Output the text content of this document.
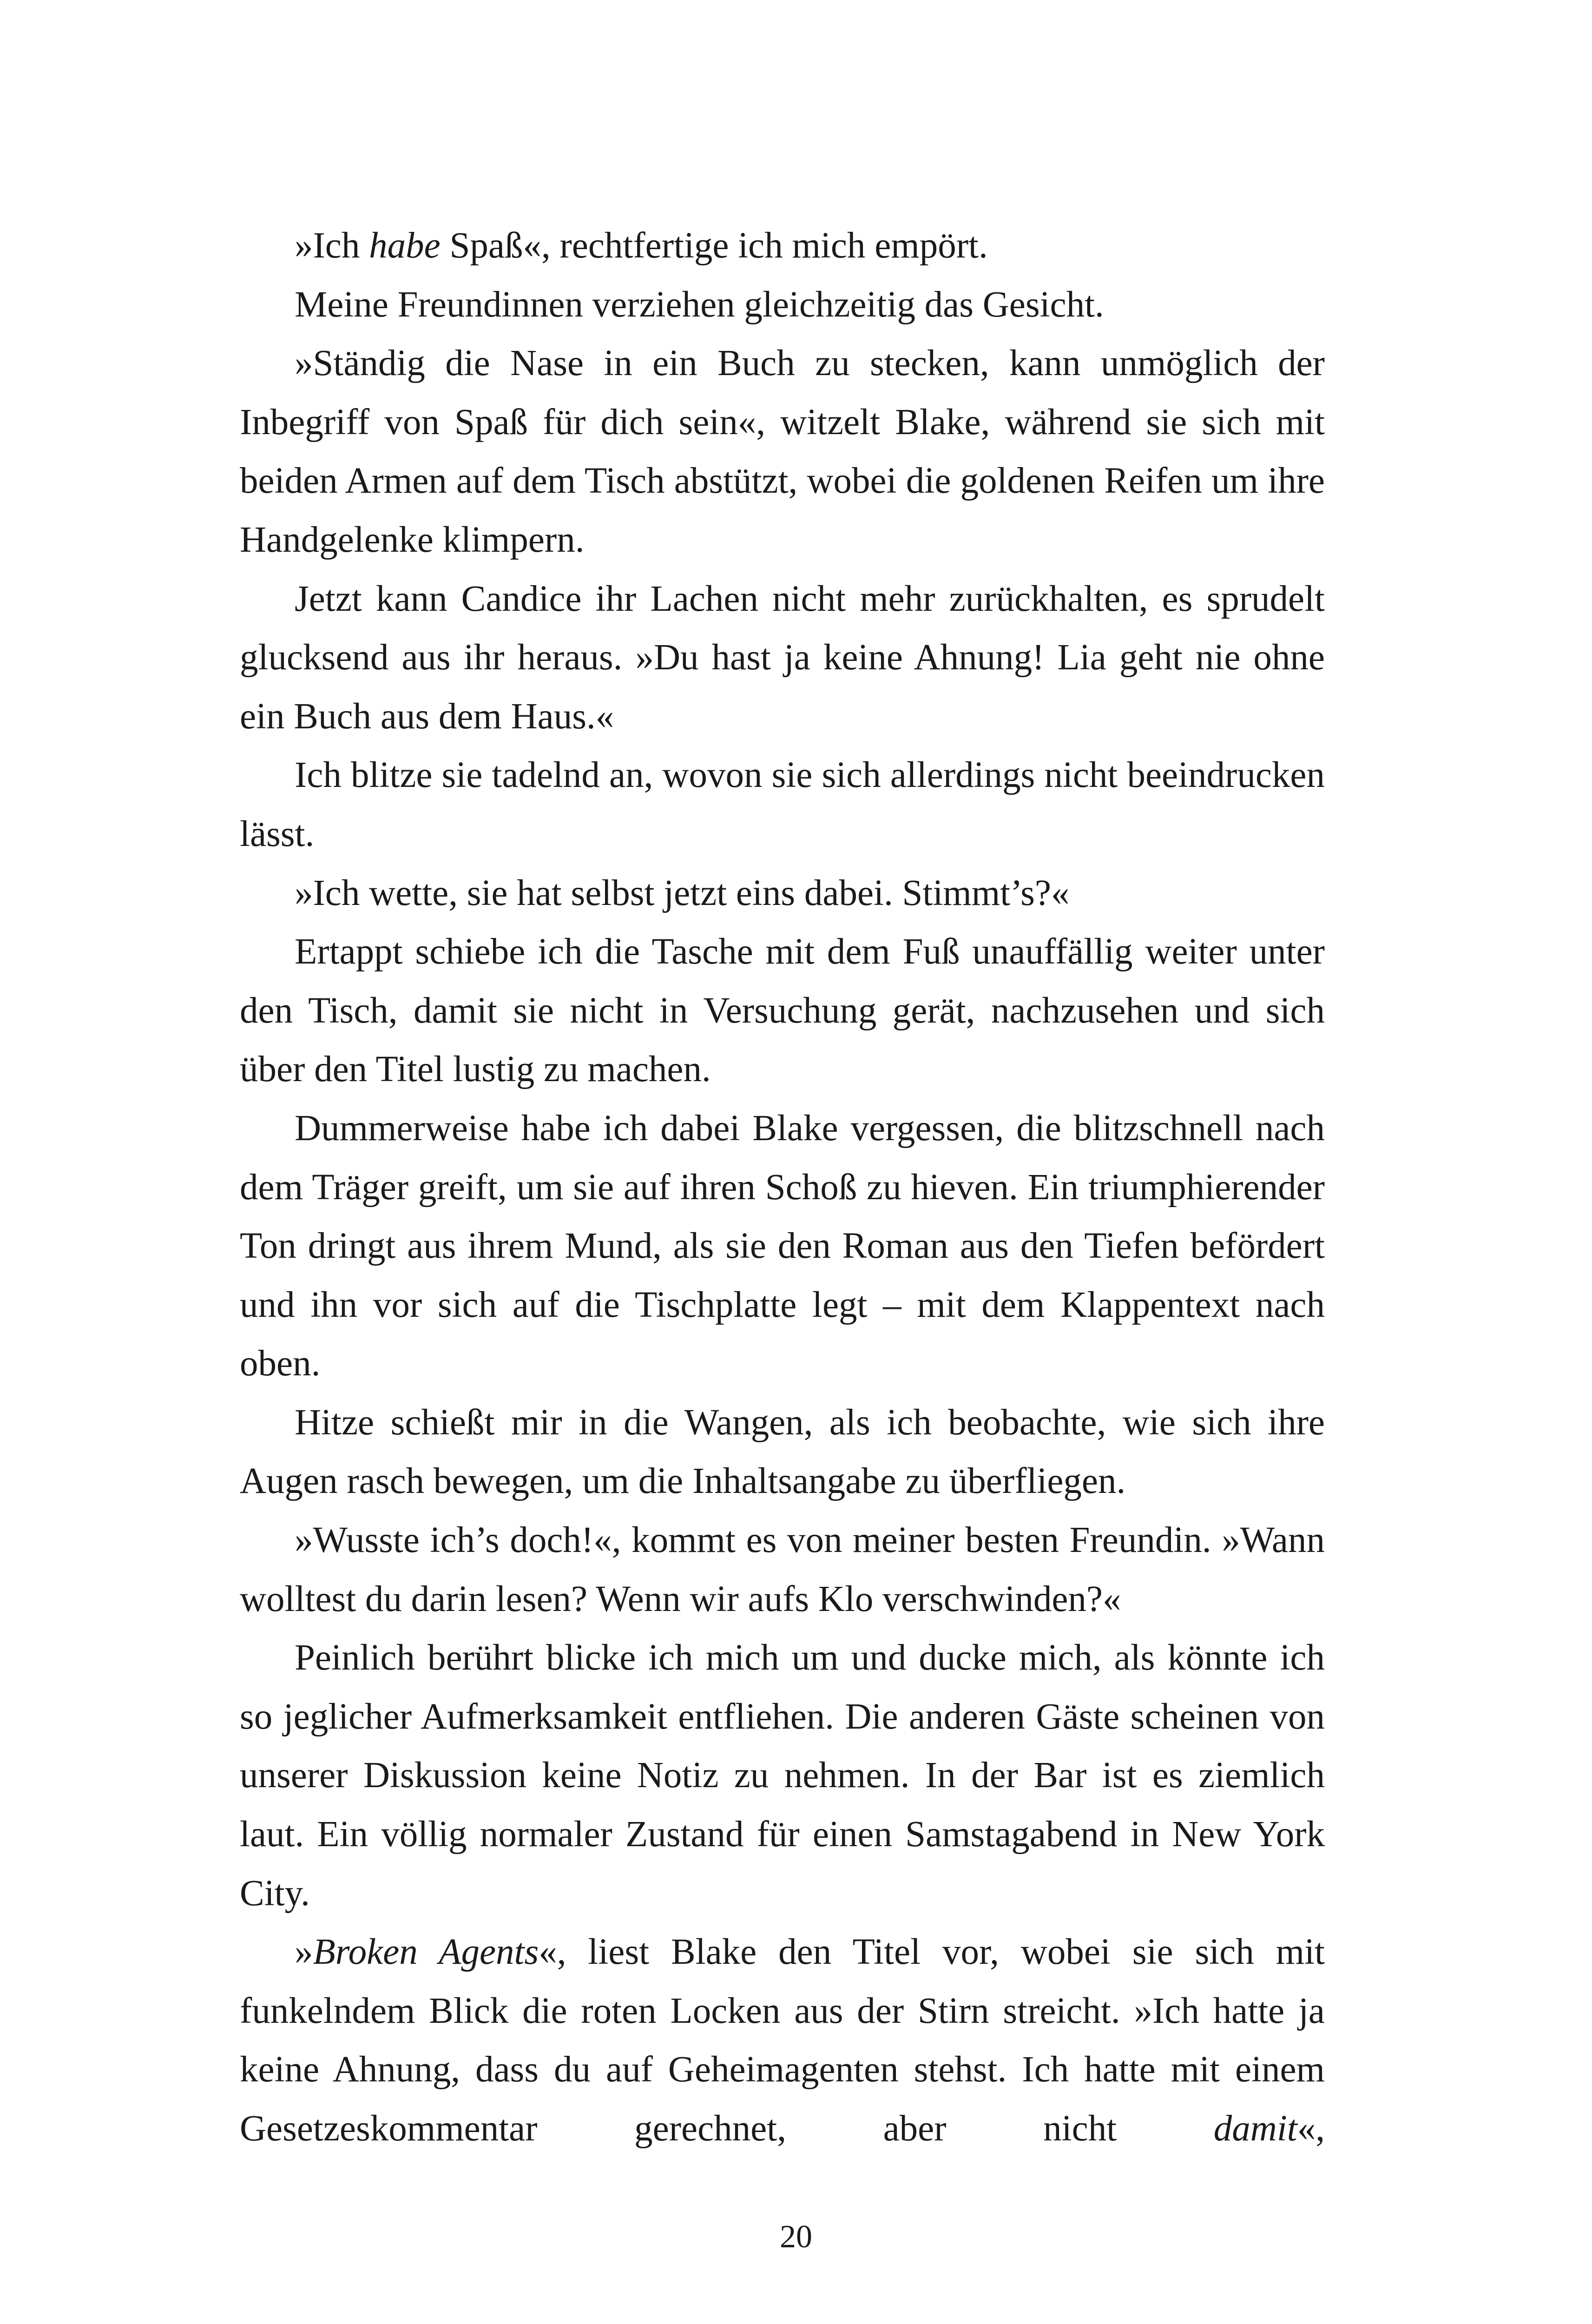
»Ich habe Spaß«, rechtfertige ich mich empört.

Meine Freundinnen verziehen gleichzeitig das Gesicht.

»Ständig die Nase in ein Buch zu stecken, kann unmöglich der Inbegriff von Spaß für dich sein«, witzelt Blake, während sie sich mit beiden Armen auf dem Tisch abstützt, wobei die goldenen Reifen um ihre Handgelenke klimpern.

Jetzt kann Candice ihr Lachen nicht mehr zurückhalten, es sprudelt glucksend aus ihr heraus. »Du hast ja keine Ahnung! Lia geht nie ohne ein Buch aus dem Haus.«

Ich blitze sie tadelnd an, wovon sie sich allerdings nicht beeindrucken lässt.

»Ich wette, sie hat selbst jetzt eins dabei. Stimmt’s?«

Ertappt schiebe ich die Tasche mit dem Fuß unauffällig weiter unter den Tisch, damit sie nicht in Versuchung gerät, nachzusehen und sich über den Titel lustig zu machen.

Dummerweise habe ich dabei Blake vergessen, die blitzschnell nach dem Träger greift, um sie auf ihren Schoß zu hieven. Ein triumphierender Ton dringt aus ihrem Mund, als sie den Roman aus den Tiefen befördert und ihn vor sich auf die Tischplatte legt – mit dem Klappentext nach oben.

Hitze schießt mir in die Wangen, als ich beobachte, wie sich ihre Augen rasch bewegen, um die Inhaltsangabe zu überfliegen.

»Wusste ich’s doch!«, kommt es von meiner besten Freundin. »Wann wolltest du darin lesen? Wenn wir aufs Klo verschwinden?«

Peinlich berührt blicke ich mich um und ducke mich, als könnte ich so jeglicher Aufmerksamkeit entfliehen. Die anderen Gäste scheinen von unserer Diskussion keine Notiz zu nehmen. In der Bar ist es ziemlich laut. Ein völlig normaler Zustand für einen Samstagabend in New York City.

»Broken Agents«, liest Blake den Titel vor, wobei sie sich mit funkelndem Blick die roten Locken aus der Stirn streicht. »Ich hatte ja keine Ahnung, dass du auf Geheimagenten stehst. Ich hatte mit einem Gesetzeskommentar gerechnet, aber nicht damit«,

20
